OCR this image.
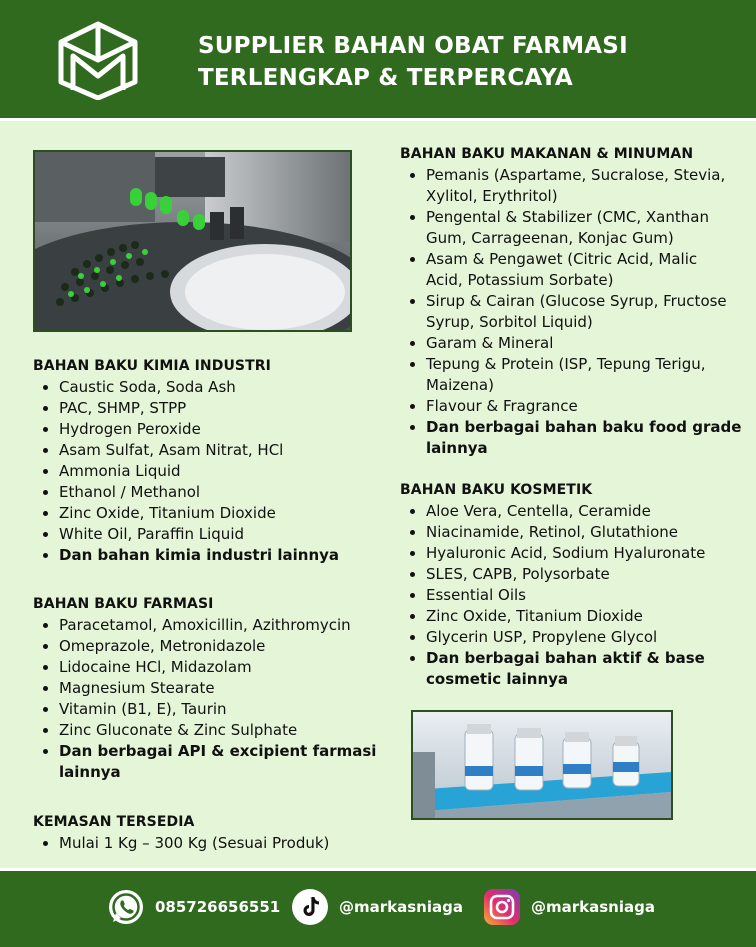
SUPPLIER BAHAN OBAT FARMASI
TERLENGKAP & TERPERCAYA
BAHAN BAKU KIMIA INDUSTRI
Caustic Soda, Soda Ash
PAC, SHMP, STPP
Hydrogen Peroxide
Asam Sulfat, Asam Nitrat, HCl
Ammonia Liquid
Ethanol / Methanol
Zinc Oxide, Titanium Dioxide
White Oil, Paraffin Liquid
Dan bahan kimia industri lainnya
BAHAN BAKU FARMASI
Paracetamol, Amoxicillin, Azithromycin
Omeprazole, Metronidazole
Lidocaine HCl, Midazolam
Magnesium Stearate
Vitamin (B1, E), Taurin
Zinc Gluconate & Zinc Sulphate
Dan berbagai API & excipient farmasi
lainnya
KEMASAN TERSEDIA
Mulai 1 Kg – 300 Kg (Sesuai Produk)
BAHAN BAKU MAKANAN & MINUMAN
Pemanis (Aspartame, Sucralose, Stevia,
Xylitol, Erythritol)
Pengental & Stabilizer (CMC, Xanthan
Gum, Carrageenan, Konjac Gum)
Asam & Pengawet (Citric Acid, Malic
Acid, Potassium Sorbate)
Sirup & Cairan (Glucose Syrup, Fructose
Syrup, Sorbitol Liquid)
Garam & Mineral
Tepung & Protein (ISP, Tepung Terigu,
Maizena)
Flavour & Fragrance
Dan berbagai bahan baku food grade
lainnya
BAHAN BAKU KOSMETIK
Aloe Vera, Centella, Ceramide
Niacinamide, Retinol, Glutathione
Hyaluronic Acid, Sodium Hyaluronate
SLES, CAPB, Polysorbate
Essential Oils
Zinc Oxide, Titanium Dioxide
Glycerin USP, Propylene Glycol
Dan berbagai bahan aktif & base
cosmetic lainnya
085726656551	@markasniaga	@markasniaga
